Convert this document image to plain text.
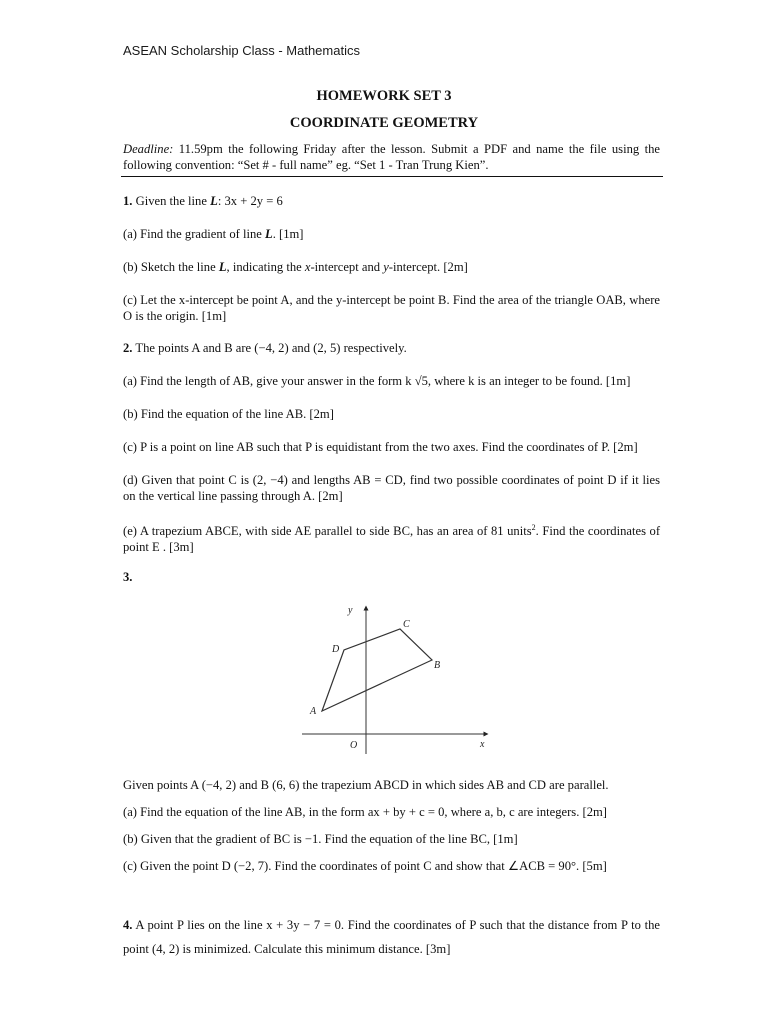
ASEAN Scholarship Class - Mathematics
HOMEWORK SET 3
COORDINATE GEOMETRY
Deadline: 11.59pm the following Friday after the lesson. Submit a PDF and name the file using the following convention: “Set # - full name” eg. “Set 1 - Tran Trung Kien”.
1. Given the line L: 3x + 2y = 6
(a) Find the gradient of line L. [1m]
(b) Sketch the line L, indicating the x-intercept and y-intercept. [2m]
(c) Let the x-intercept be point A, and the y-intercept be point B. Find the area of the triangle OAB, where O is the origin. [1m]
2. The points A and B are (−4, 2) and (2, 5) respectively.
(a) Find the length of AB, give your answer in the form k √5, where k is an integer to be found. [1m]
(b) Find the equation of the line AB. [2m]
(c) P is a point on line AB such that P is equidistant from the two axes. Find the coordinates of P. [2m]
(d) Given that point C is (2, −4) and lengths AB = CD, find two possible coordinates of point D if it lies on the vertical line passing through A. [2m]
(e) A trapezium ABCE, with side AE parallel to side BC, has an area of 81 units$^2$. Find the coordinates of point E . [3m]
3.
y
x
O
A
D
C
B
Given points A (−4, 2) and B (6, 6) the trapezium ABCD in which sides AB and CD are parallel.
(a) Find the equation of the line AB, in the form ax + by + c = 0, where a, b, c are integers. [2m]
(b) Given that the gradient of BC is −1. Find the equation of the line BC, [1m]
(c) Given the point D (−2, 7). Find the coordinates of point C and show that ∠ACB = 90°. [5m]
4. A point P lies on the line x + 3y − 7 = 0. Find the coordinates of P such that the distance from P to the point (4, 2) is minimized. Calculate this minimum distance. [3m]
